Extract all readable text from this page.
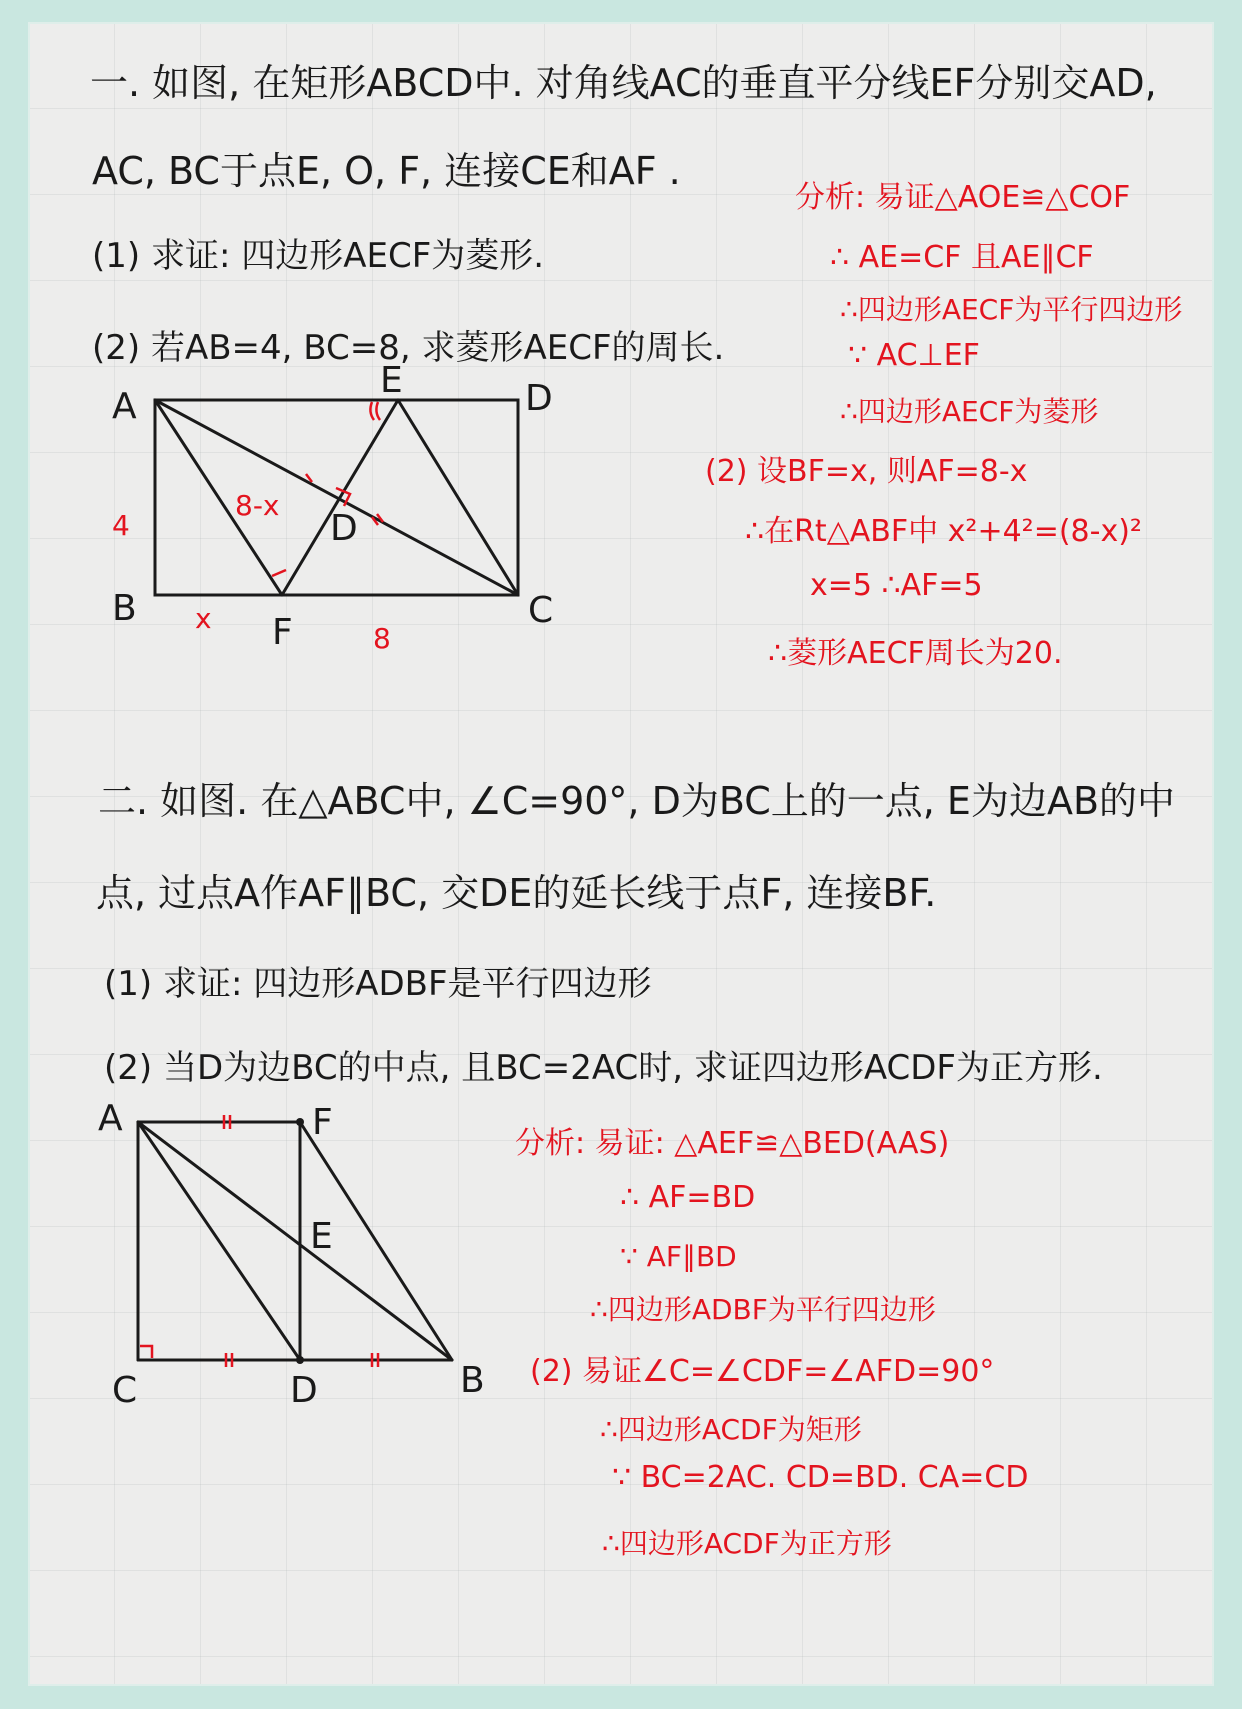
一. 如图, 在矩形ABCD中. 对角线AC的垂直平分线EF分别交AD,
AC, BC于点E, O, F, 连接CE和AF .
(1) 求证: 四边形AECF为菱形.
(2) 若AB=4, BC=8, 求菱形AECF的周长.
分析: 易证△AOE≌△COF
∴ AE=CF 且AE∥CF
∴四边形AECF为平行四边形
∵ AC⊥EF
∴四边形AECF为菱形
(2) 设BF=x, 则AF=8-x
∴在Rt△ABF中 x²+4²=(8-x)²
x=5 ∴AF=5
∴菱形AECF周长为20.
A
B	C
D
E
F
D
4
x
8
8-x
二. 如图. 在△ABC中, ∠C=90°, D为BC上的一点, E为边AB的中
点, 过点A作AF∥BC, 交DE的延长线于点F, 连接BF.
(1) 求证: 四边形ADBF是平行四边形
(2) 当D为边BC的中点, 且BC=2AC时, 求证四边形ACDF为正方形.
分析: 易证: △AEF≌△BED(AAS)
∴ AF=BD
∵ AF∥BD
∴四边形ADBF为平行四边形
(2) 易证∠C=∠CDF=∠AFD=90°
∴四边形ACDF为矩形
∵ BC=2AC. CD=BD. CA=CD
∴四边形ACDF为正方形
A	F
E
C	D	B
